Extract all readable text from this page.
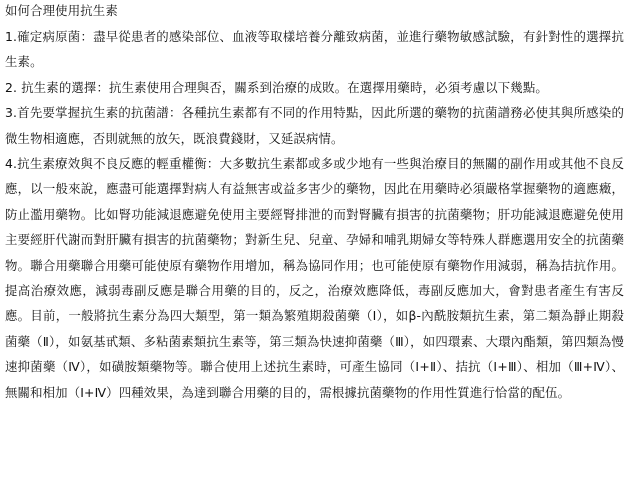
如何合理使用抗生素
1.確定病原菌：盡早從患者的感染部位、血液等取樣培養分離致病菌，並進行藥物敏感試驗，有針對性的選擇抗生素。
2. 抗生素的選擇：抗生素使用合理與否，關系到治療的成敗。在選擇用藥時，必須考慮以下幾點。
3.首先要掌握抗生素的抗菌譜：各種抗生素都有不同的作用特點，因此所選的藥物的抗菌譜務必使其與所感染的微生物相適應，否則就無的放矢，既浪費錢財，又延誤病情。
4.抗生素療效與不良反應的輕重權衡：大多數抗生素都或多或少地有一些與治療目的無關的副作用或其他不良反應，以一般來說，應盡可能選擇對病人有益無害或益多害少的藥物，因此在用藥時必須嚴格掌握藥物的適應癥，防止濫用藥物。比如腎功能減退應避免使用主要經腎排泄的而對腎臟有損害的抗菌藥物；肝功能減退應避免使用主要經肝代謝而對肝臟有損害的抗菌藥物；對新生兒、兒童、孕婦和哺乳期婦女等特殊人群應選用安全的抗菌藥物。聯合用藥聯合用藥可能使原有藥物作用增加，稱為協同作用；也可能使原有藥物作用減弱，稱為拮抗作用。提高治療效應，減弱毒副反應是聯合用藥的目的，反之，治療效應降低，毒副反應加大，會對患者產生有害反應。目前，一般將抗生素分為四大類型，第一類為繁殖期殺菌藥（Ⅰ），如β-內酰胺類抗生素，第二類為靜止期殺菌藥（Ⅱ），如氨基甙類、多粘菌素類抗生素等，第三類為快速抑菌藥（Ⅲ），如四環素、大環內酯類，第四類為慢速抑菌藥（Ⅳ），如磺胺類藥物等。聯合使用上述抗生素時，可產生協同（Ⅰ+Ⅱ）、拮抗（Ⅰ+Ⅲ）、相加（Ⅲ+Ⅳ）、無關和相加（Ⅰ+Ⅳ）四種效果，為達到聯合用藥的目的，需根據抗菌藥物的作用性質進行恰當的配伍。
